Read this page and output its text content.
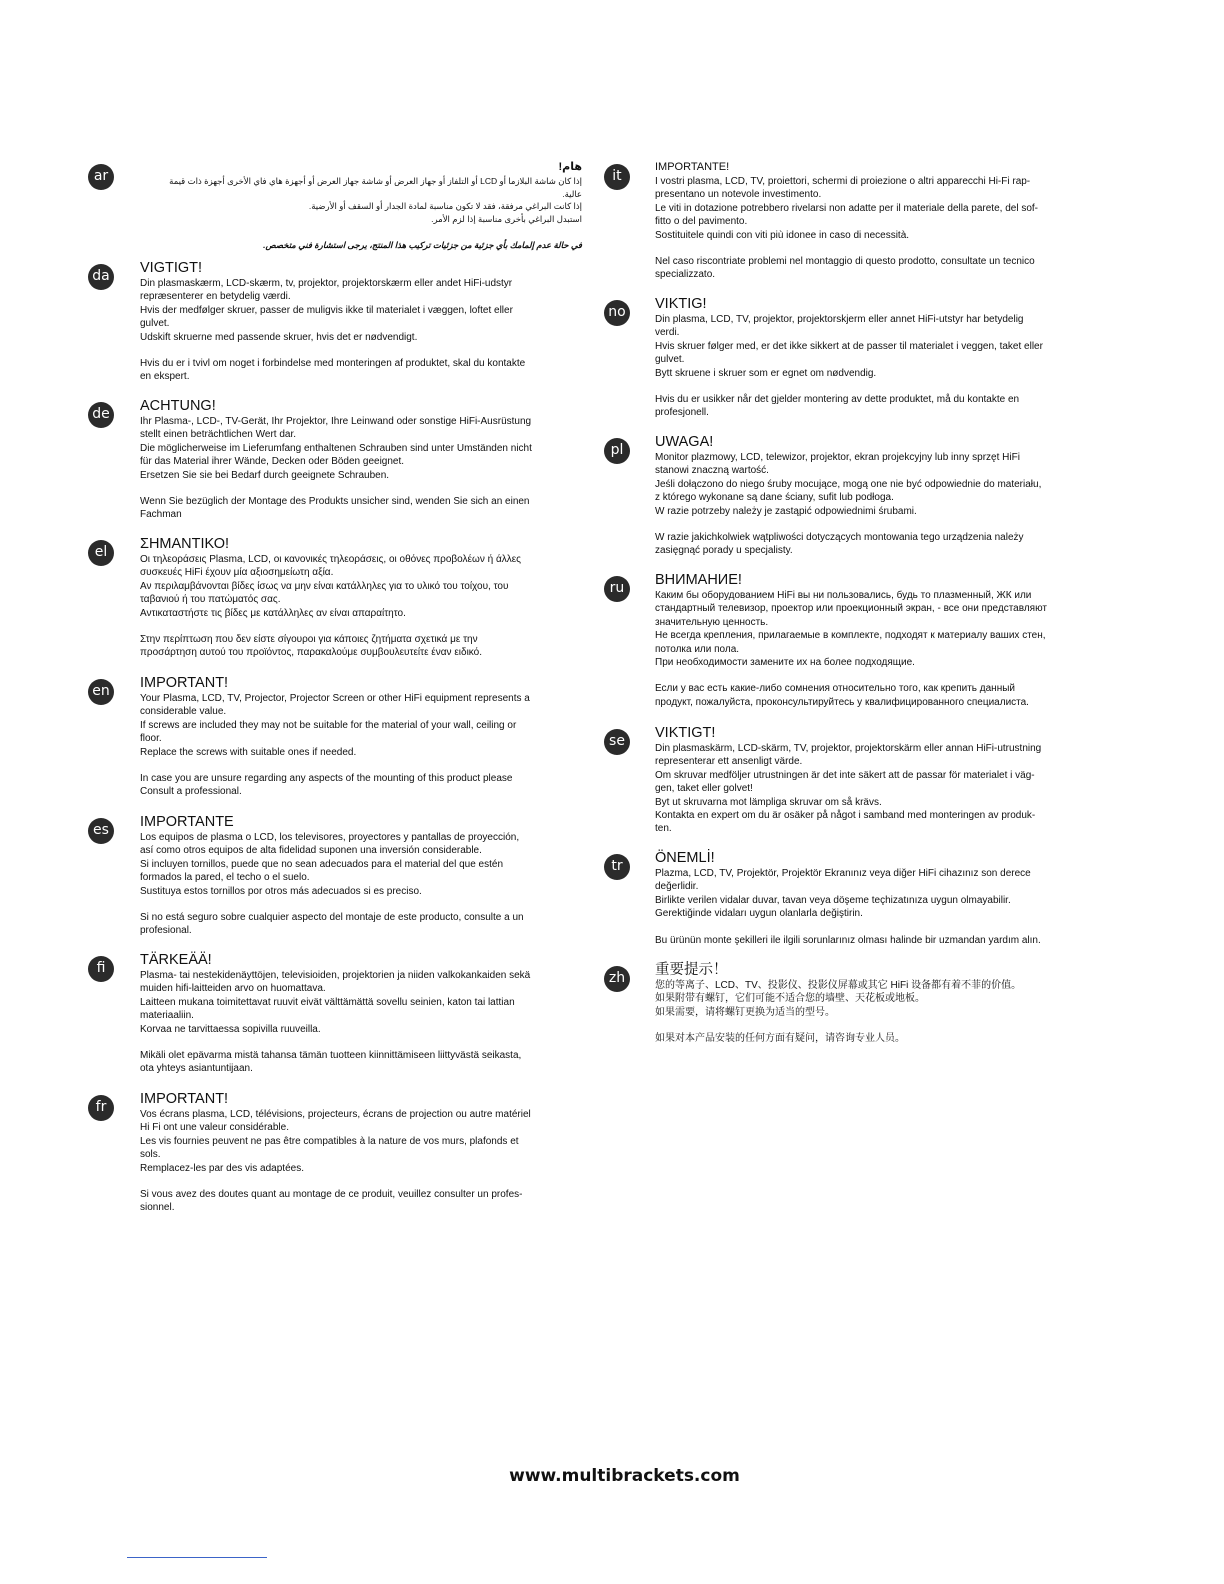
ar
هام!

إذا كان شاشة البلازما أو LCD أو التلفاز أو جهاز العرض أو شاشة جهاز العرض أو أجهزة هاي فاي الأخرى أجهزة ذات قيمة عالية.

إذا كانت البراغي مرفقة، فقد لا تكون مناسبة لمادة الجدار أو السقف أو الأرضية.

استبدل البراغي بأخرى مناسبة إذا لزم الأمر.

في حالة عدم إلمامك بأي جزئية من جزئيات تركيب هذا المنتج، يرجى استشارة فني متخصص.

da VIGTIGT!

Din plasmaskærm, LCD-skærm, tv, projektor, projektorskærm eller andet HiFi-udstyr

repræsenterer en betydelig værdi.

Hvis der medfølger skruer, passer de muligvis ikke til materialet i væggen, loftet eller

gulvet.

Udskift skruerne med passende skruer, hvis det er nødvendigt.

Hvis du er i tvivl om noget i forbindelse med monteringen af produktet, skal du kontakte

en ekspert.

de ACHTUNG!

Ihr Plasma-, LCD-, TV-Gerät, Ihr Projektor, Ihre Leinwand oder sonstige HiFi-Ausrüstung

stellt einen beträchtlichen Wert dar.

Die möglicherweise im Lieferumfang enthaltenen Schrauben sind unter Umständen nicht

für das Material ihrer Wände, Decken oder Böden geeignet.

Ersetzen Sie sie bei Bedarf durch geeignete Schrauben.

Wenn Sie bezüglich der Montage des Produkts unsicher sind, wenden Sie sich an einen

Fachman

el	ΣΗΜΑΝΤΙΚΟ!

Οι τηλεοράσεις Plasma, LCD, οι κανονικές τηλεοράσεις, οι οθόνες προβολέων ή άλλες

συσκευές HiFi έχουν μία αξιοσημείωτη αξία.

Αν περιλαμβάνονται βίδες ίσως να μην είναι κατάλληλες για το υλικό του τοίχου, του

ταβανιού ή του πατώματός σας.

Αντικαταστήστε τις βίδες με κατάλληλες αν είναι απαραίτητο.

Στην περίπτωση που δεν είστε σίγουροι για κάποιες ζητήματα σχετικά με την

προσάρτηση αυτού του προϊόντος, παρακαλούμε συμβουλευτείτε έναν ειδικό.

en IMPORTANT!

Your Plasma, LCD, TV, Projector, Projector Screen or other HiFi equipment represents a

considerable value.

If screws are included they may not be suitable for the material of your wall, ceiling or

floor.

Replace the screws with suitable ones if needed.

In case you are unsure regarding any aspects of the mounting of this product please

Consult a professional.

es	IMPORTANTE

Los equipos de plasma o LCD, los televisores, proyectores y pantallas de proyección,

así como otros equipos de alta fidelidad suponen una inversión considerable.

Si incluyen tornillos, puede que no sean adecuados para el material del que estén

formados la pared, el techo o el suelo.

Sustituya estos tornillos por otros más adecuados si es preciso.

Si no está seguro sobre cualquier aspecto del montaje de este producto, consulte a un

profesional.

fi	TÄRKEÄÄ!

Plasma- tai nestekidenäyttöjen, televisioiden, projektorien ja niiden valkokankaiden sekä

muiden hifi-laitteiden arvo on huomattava.

Laitteen mukana toimitettavat ruuvit eivät välttämättä sovellu seinien, katon tai lattian

materiaaliin.

Korvaa ne tarvittaessa sopivilla ruuveilla.

Mikäli olet epävarma mistä tahansa tämän tuotteen kiinnittämiseen liittyvästä seikasta,

ota yhteys asiantuntijaan.

fr	IMPORTANT!

Vos écrans plasma, LCD, télévisions, projecteurs, écrans de projection ou autre matériel

Hi Fi ont une valeur considérable.

Les vis fournies peuvent ne pas être compatibles à la nature de vos murs, plafonds et

sols.

Remplacez-les par des vis adaptées.

Si vous avez des doutes quant au montage de ce produit, veuillez consulter un profes-

sionnel.

it
IMPORTANTE!

I vostri plasma, LCD, TV, proiettori, schermi di proiezione o altri apparecchi Hi-Fi rap-

presentano un notevole investimento.

Le viti in dotazione potrebbero rivelarsi non adatte per il materiale della parete, del sof-

fitto o del pavimento.

Sostituitele quindi con viti più idonee in caso di necessità.

Nel caso riscontriate problemi nel montaggio di questo prodotto, consultate un tecnico

specializzato.

no VIKTIG!

Din plasma, LCD, TV, projektor, projektorskjerm eller annet HiFi-utstyr har betydelig

verdi.

Hvis skruer følger med, er det ikke sikkert at de passer til materialet i veggen, taket eller

gulvet.

Bytt skruene i skruer som er egnet om nødvendig.

Hvis du er usikker når det gjelder montering av dette produktet, må du kontakte en

profesjonell.

pl	UWAGA!

Monitor plazmowy, LCD, telewizor, projektor, ekran projekcyjny lub inny sprzęt HiFi

stanowi znaczną wartość.

Jeśli dołączono do niego śruby mocujące, mogą one nie być odpowiednie do materiału,

z którego wykonane są dane ściany, sufit lub podłoga.

W razie potrzeby należy je zastąpić odpowiednimi śrubami.

W razie jakichkolwiek wątpliwości dotyczących montowania tego urządzenia należy

zasięgnąć porady u specjalisty.

ru	ВНИМАНИЕ!

Каким бы оборудованием HiFi вы ни пользовались, будь то плазменный, ЖК или

стандартный телевизор, проектор или проекционный экран, - все они представляют

значительную ценность.

Не всегда крепления, прилагаемые в комплекте, подходят к материалу ваших стен,

потолка или пола.

При необходимости замените их на более подходящие.

Если у вас есть какие-либо сомнения относительно того, как крепить данный

продукт, пожалуйста, проконсультируйтесь у квалифицированного специалиста.

se	VIKTIGT!

Din plasmaskärm, LCD-skärm, TV, projektor, projektorskärm eller annan HiFi-utrustning

representerar ett ansenligt värde.

Om skruvar medföljer utrustningen är det inte säkert att de passar för materialet i väg-

gen, taket eller golvet!

Byt ut skruvarna mot lämpliga skruvar om så krävs.

Kontakta en expert om du är osäker på något i samband med monteringen av produk-

ten.

tr	ÖNEMLİ!

Plazma, LCD, TV, Projektör, Projektör Ekranınız veya diğer HiFi cihazınız son derece

değerlidir.

Birlikte verilen vidalar duvar, tavan veya döşeme teçhizatınıza uygun olmayabilir.

Gerektiğinde vidaları uygun olanlarla değiştirin.

Bu ürünün monte şekilleri ile ilgili sorunlarınız olması halinde bir uzmandan yardım alın.

zh	重要提示！

您的等离子、LCD、TV、投影仪、投影仪屏幕或其它 HiFi 设备都有着不菲的价值。

如果附带有螺钉，它们可能不适合您的墙壁、天花板或地板。

如果需要，请将螺钉更换为适当的型号。

如果对本产品安装的任何方面有疑问，请咨询专业人员。

www.multibrackets.com
